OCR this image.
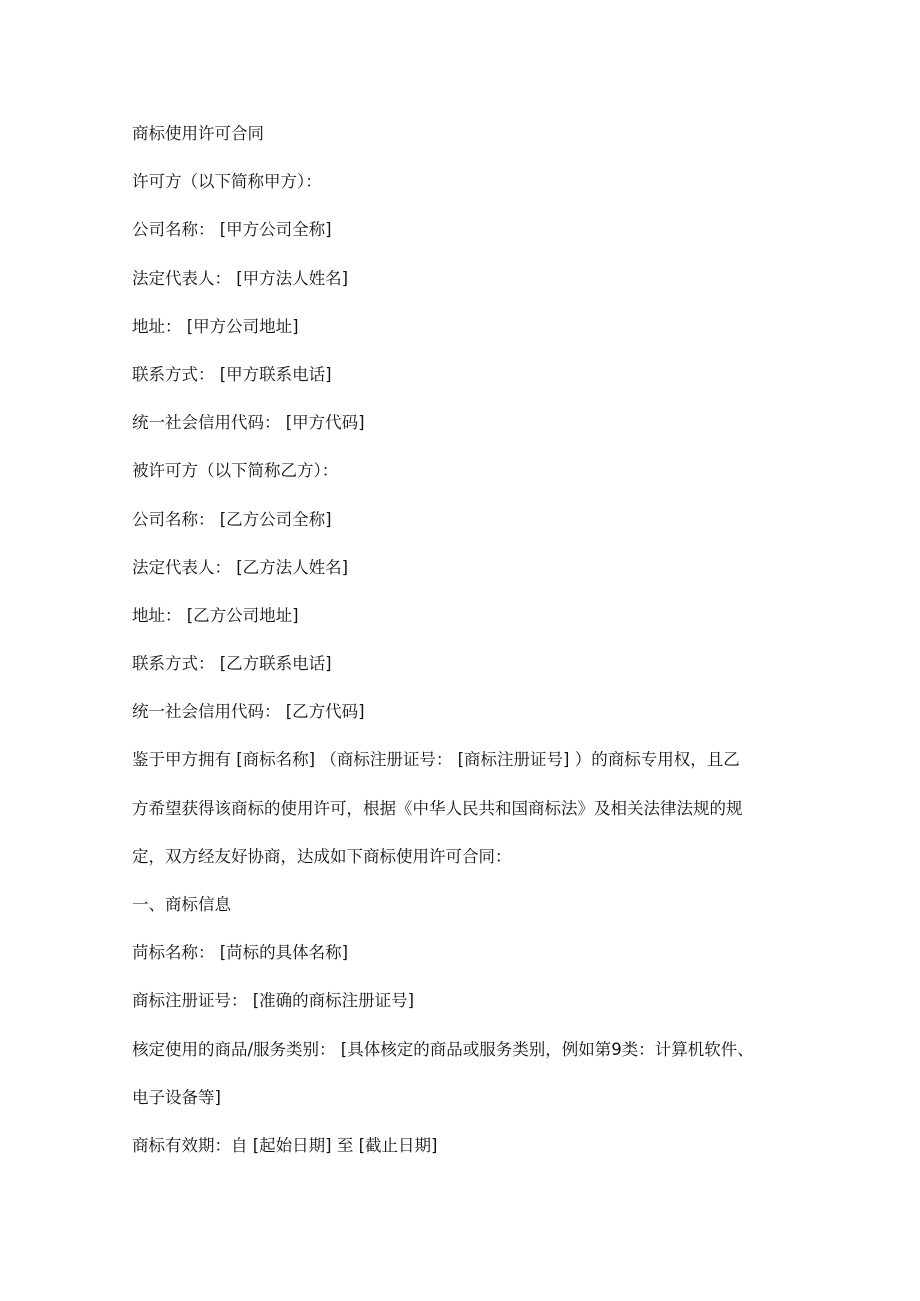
商标使用许可合同

许可方（以下简称甲方）：

公司名称： [甲方公司全称]

法定代表人： [甲方法人姓名]

地址： [甲方公司地址]

联系方式： [甲方联系电话]

统一社会信用代码： [甲方代码]

被许可方（以下简称乙方）：

公司名称： [乙方公司全称]

法定代表人： [乙方法人姓名]

地址： [乙方公司地址]

联系方式： [乙方联系电话]

统一社会信用代码： [乙方代码]

鉴于甲方拥有 [商标名称] （商标注册证号： [商标注册证号] ）的商标专用权，且乙
方希望获得该商标的使用许可，根据《中华人民共和国商标法》及相关法律法规的规
定，双方经友好协商，达成如下商标使用许可合同：

一、商标信息

苘标名称： [苘标的具体名称]

商标注册证号： [准确的商标注册证号]

核定使用的商品/服务类别： [具体核定的商品或服务类别，例如第9类：计算机软件、
电子设备等]

商标有效期：自 [起始日期] 至 [截止日期]
